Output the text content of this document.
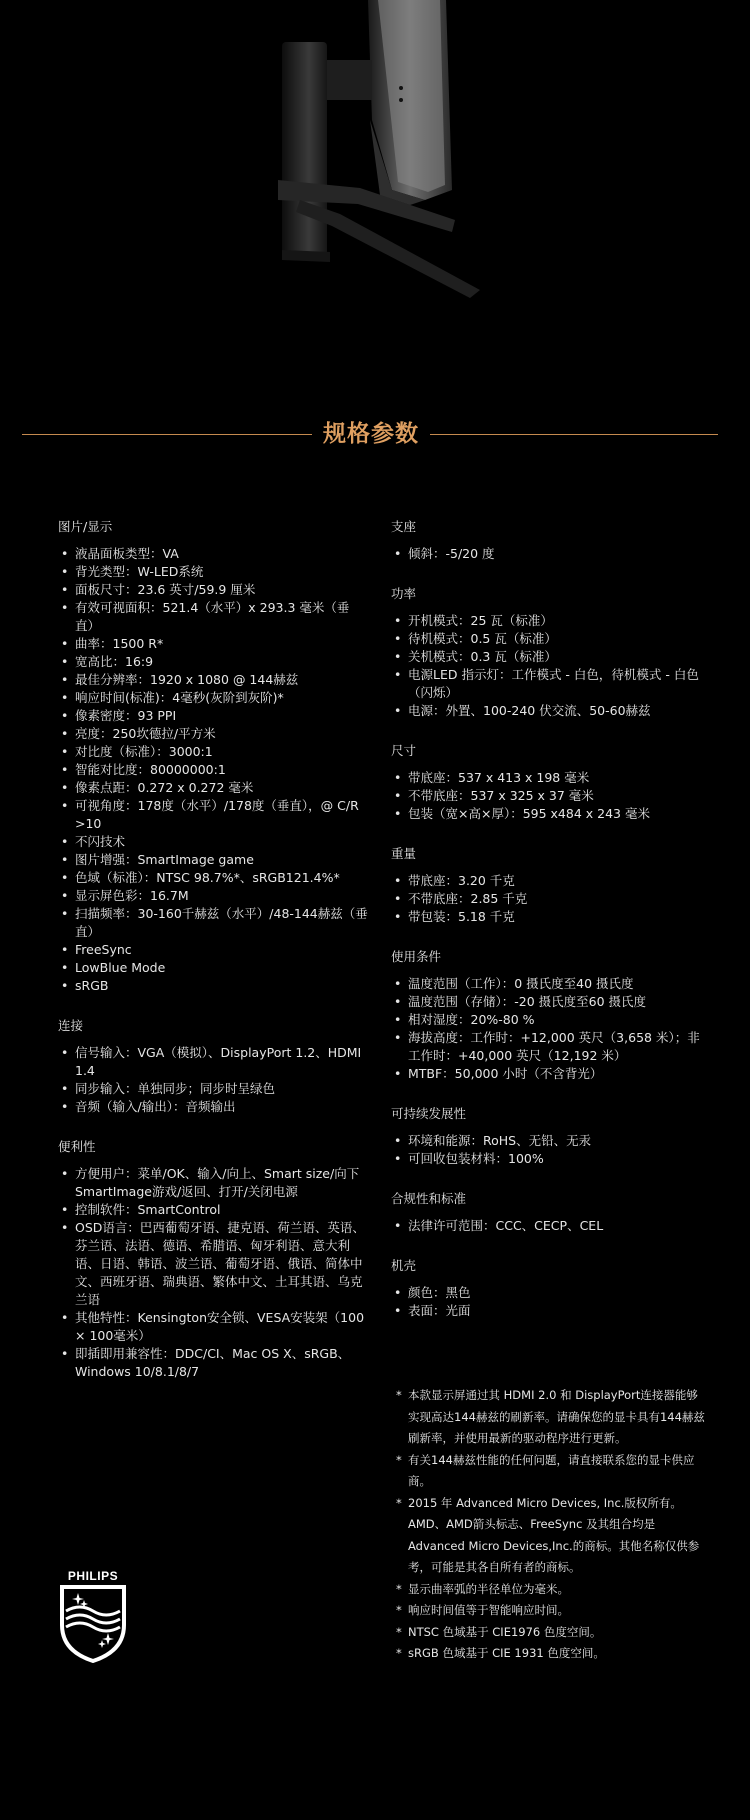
规格参数
图片/显示
• 液晶面板类型：VA
• 背光类型：W-LED系统
• 面板尺寸：23.6 英寸/59.9 厘米
• 有效可视面积：521.4（水平）x 293.3 毫米（垂直）
• 曲率：1500 R*
• 宽高比：16:9
• 最佳分辨率：1920 x 1080 @ 144赫兹
• 响应时间(标准)：4毫秒(灰阶到灰阶)*
• 像素密度：93 PPI
• 亮度：250坎德拉/平方米
• 对比度（标准）：3000:1
• 智能对比度：80000000:1
• 像素点距：0.272 x 0.272 毫米
• 可视角度：178度（水平）/178度（垂直），@ C/R >10
• 不闪技术
• 图片增强：SmartImage game
• 色域（标准）：NTSC 98.7%*、sRGB121.4%*
• 显示屏色彩：16.7M
• 扫描频率：30-160千赫兹（水平）/48-144赫兹（垂直）
• FreeSync
• LowBlue Mode
• sRGB
连接
• 信号输入：VGA（模拟）、DisplayPort 1.2、HDMI 1.4
• 同步输入：单独同步；同步时呈绿色
• 音频（输入/输出）：音频输出
便利性
• 方便用户：菜单/OK、输入/向上、Smart size/向下SmartImage游戏/返回、打开/关闭电源
• 控制软件：SmartControl
• OSD语言：巴西葡萄牙语、捷克语、荷兰语、英语、芬兰语、法语、德语、希腊语、匈牙利语、意大利语、日语、韩语、波兰语、葡萄牙语、俄语、简体中文、西班牙语、瑞典语、繁体中文、土耳其语、乌克兰语
• 其他特性：Kensington安全锁、VESA安装架（100 × 100毫米）
• 即插即用兼容性：DDC/CI、Mac OS X、sRGB、Windows 10/8.1/8/7
支座
• 倾斜：-5/20 度
功率
• 开机模式：25 瓦（标准）
• 待机模式：0.5 瓦（标准）
• 关机模式：0.3 瓦（标准）
• 电源LED 指示灯：工作模式 - 白色，待机模式 - 白色（闪烁）
• 电源：外置、100-240 伏交流、50-60赫兹
尺寸
• 带底座：537 x 413 x 198 毫米
• 不带底座：537 x 325 x 37 毫米
• 包装（宽×高×厚）：595 x484 x 243 毫米
重量
• 带底座：3.20 千克
• 不带底座：2.85 千克
• 带包装：5.18 千克
使用条件
• 温度范围（工作）：0 摄氏度至40 摄氏度
• 温度范围（存储）：-20 摄氏度至60 摄氏度
• 相对湿度：20%-80 %
• 海拔高度：工作时：+12,000 英尺（3,658 米）；非工作时：+40,000 英尺（12,192 米）
• MTBF：50,000 小时（不含背光）
可持续发展性
• 环境和能源：RoHS、无铅、无汞
• 可回收包装材料：100%
合规性和标准
• 法律许可范围：CCC、CECP、CEL
机壳
• 颜色：黑色
• 表面：光面
* 本款显示屏通过其 HDMI 2.0 和 DisplayPort连接器能够实现高达144赫兹的刷新率。请确保您的显卡具有144赫兹刷新率，并使用最新的驱动程序进行更新。
* 有关144赫兹性能的任何问题，请直接联系您的显卡供应商。
* 2015 年 Advanced Micro Devices, Inc.版权所有。AMD、AMD箭头标志、FreeSync 及其组合均是Advanced Micro Devices,Inc.的商标。其他名称仅供参考，可能是其各自所有者的商标。
* 显示曲率弧的半径单位为毫米。
* 响应时间值等于智能响应时间。
* NTSC 色域基于 CIE1976 色度空间。
* sRGB 色域基于 CIE 1931 色度空间。
PHILIPS
